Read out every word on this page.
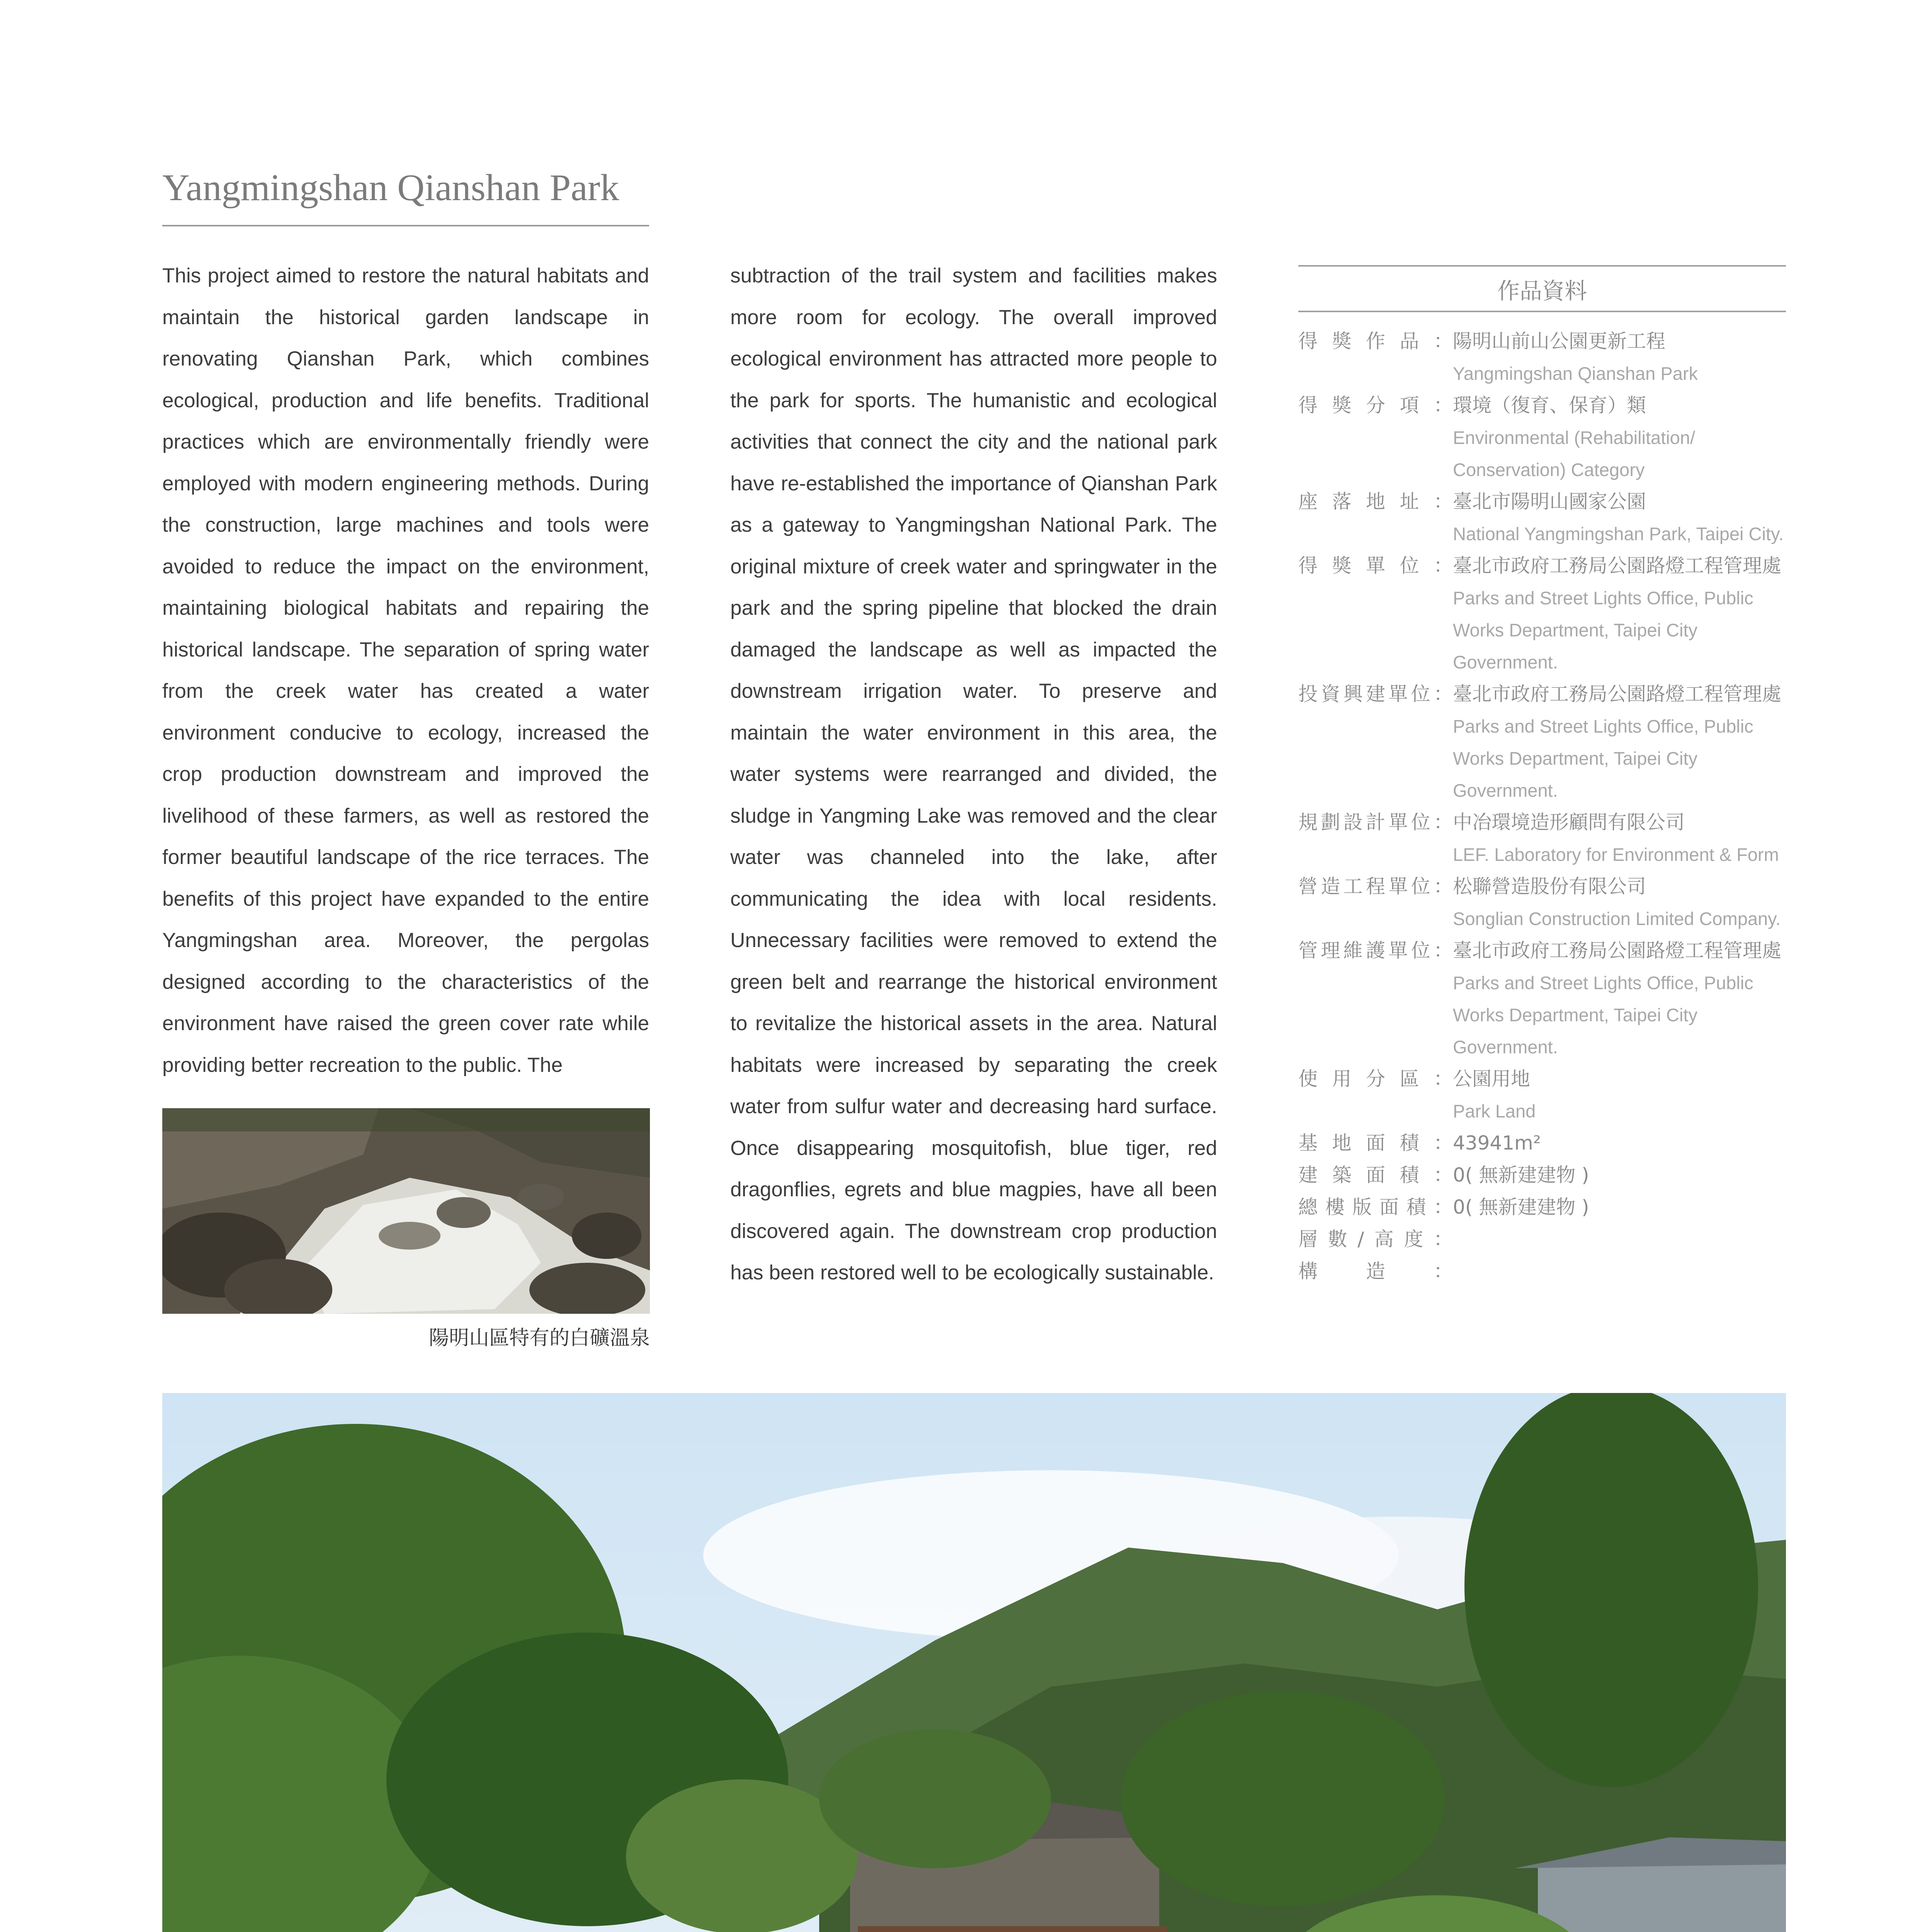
Yangmingshan Qianshan Park
This project aimed to restore the natural habitats and maintain the historical garden landscape in renovating Qianshan Park, which combines ecological, production and life benefits. Traditional practices which are environmentally friendly were employed with modern engineering methods. During the construction, large machines and tools were avoided to reduce the impact on the environment, maintaining biological habitats and repairing the historical landscape. The separation of spring water from the creek water has created a water environment conducive to ecology, increased the crop production downstream and improved the livelihood of these farmers, as well as restored the former beautiful landscape of the rice terraces. The benefits of this project have expanded to the entire Yangmingshan area. Moreover, the pergolas designed according to the characteristics of the environment have raised the green cover rate while providing better recreation to the public. The
subtraction of the trail system and facilities makes more room for ecology. The overall improved ecological environment has attracted more people to the park for sports. The humanistic and ecological activities that connect the city and the national park have re-established the importance of Qianshan Park as a gateway to Yangmingshan National Park. The original mixture of creek water and springwater in the park and the spring pipeline that blocked the drain damaged the landscape as well as impacted the downstream irrigation water. To preserve and maintain the water environment in this area, the water systems were rearranged and divided, the sludge in Yangming Lake was removed and the clear water was channeled into the lake, after communicating the idea with local residents. Unnecessary facilities were removed to extend the green belt and rearrange the historical environment to revitalize the historical assets in the area. Natural habitats were increased by separating the creek water from sulfur water and decreasing hard surface. Once disappearing mosquitofish, blue tiger, red dragonflies, egrets and blue magpies, have all been discovered again. The downstream crop production has been restored well to be ecologically sustainable.
陽明山區特有的白礦溫泉
作品資料
得獎作品： 陽明山前山公園更新工程
Yangmingshan Qianshan Park
得獎分項： 環境（復育、保育）類
Environmental (Rehabilitation/ Conservation) Category
座落地址： 臺北市陽明山國家公園
National Yangmingshan Park, Taipei City.
得獎單位： 臺北市政府工務局公園路燈工程管理處
Parks and Street Lights Office, Public Works Department, Taipei City Government.
投資興建單位： 臺北市政府工務局公園路燈工程管理處
Parks and Street Lights Office, Public Works Department, Taipei City Government.
規劃設計單位： 中冶環境造形顧問有限公司
LEF. Laboratory for Environment & Form
營造工程單位： 松聯營造股份有限公司
Songlian Construction Limited Company.
管理維護單位： 臺北市政府工務局公園路燈工程管理處
Parks and Street Lights Office, Public Works Department, Taipei City Government.
使用分區： 公園用地
Park Land
基地面積： 43941m²
建築面積： 0( 無新建建物 )
總樓版面積： 0( 無新建建物 )
層數/高度：
構造：
